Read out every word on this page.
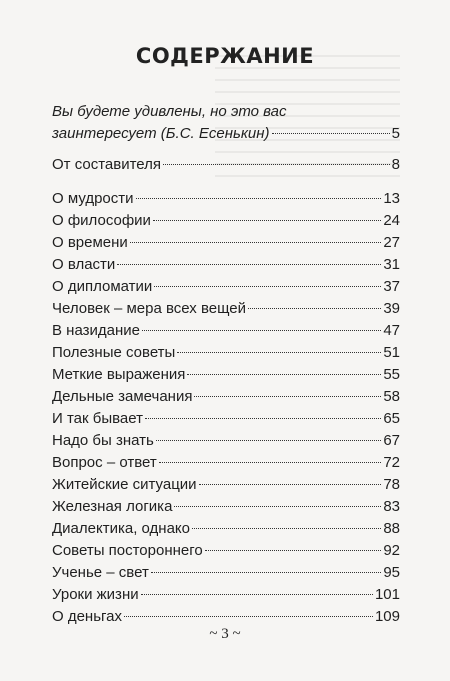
СОДЕРЖАНИЕ
Вы будете удивлены, но это вас
заинтересует (Б.С. Есенькин)	5
От составителя	8
О мудрости	13
О философии	24
О времени	27
О власти	31
О дипломатии	37
Человек – мера всех вещей	39
В назидание	47
Полезные советы	51
Меткие выражения	55
Дельные замечания	58
И так бывает	65
Надо бы знать	67
Вопрос – ответ	72
Житейские ситуации	78
Железная логика	83
Диалектика, однако	88
Советы постороннего	92
Ученье – свет	95
Уроки жизни	101
О деньгах	109
~ 3 ~
